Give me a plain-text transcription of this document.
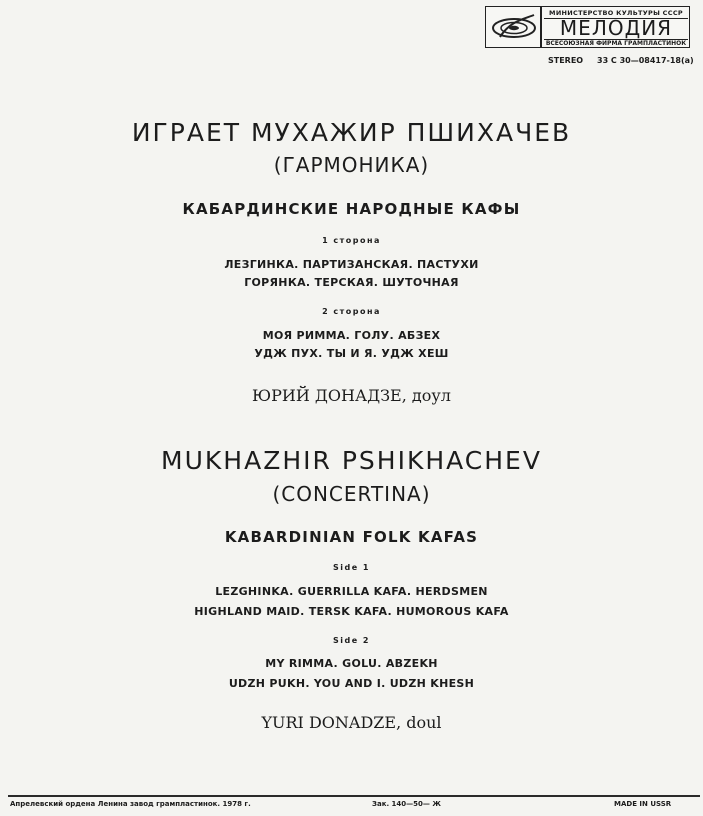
МИНИСТЕРСТВО КУЛЬТУРЫ СССР
МЕЛОДИЯ
ВСЕСОЮЗНАЯ ФИРМА ГРАМПЛАСТИНОК
STEREO 33 С 30—08417-18(а)
ИГРАЕТ МУХАЖИР ПШИХАЧЕВ
(ГАРМОНИКА)
КАБАРДИНСКИЕ НАРОДНЫЕ КАФЫ
1 сторона
ЛЕЗГИНКА. ПАРТИЗАНСКАЯ. ПАСТУХИ
ГОРЯНКА. ТЕРСКАЯ. ШУТОЧНАЯ
2 сторона
МОЯ РИММА. ГОЛУ. АБЗЕХ
УДЖ ПУХ. ТЫ И Я. УДЖ ХЕШ
ЮРИЙ ДОНАДЗЕ, доул
MUKHAZHIR PSHIKHACHEV
(CONCERTINA)
KABARDINIAN FOLK KAFAS
Side 1
LEZGHINKA. GUERRILLA KAFA. HERDSMEN
HIGHLAND MAID. TERSK KAFA. HUMOROUS KAFA
Side 2
MY RIMMA. GOLU. ABZEKH
UDZH PUKH. YOU AND I. UDZH KHESH
YURI DONADZE, doul
Апрелевский ордена Ленина завод грампластинок. 1978 г.	Зак. 140—50— Ж	MADE IN USSR
